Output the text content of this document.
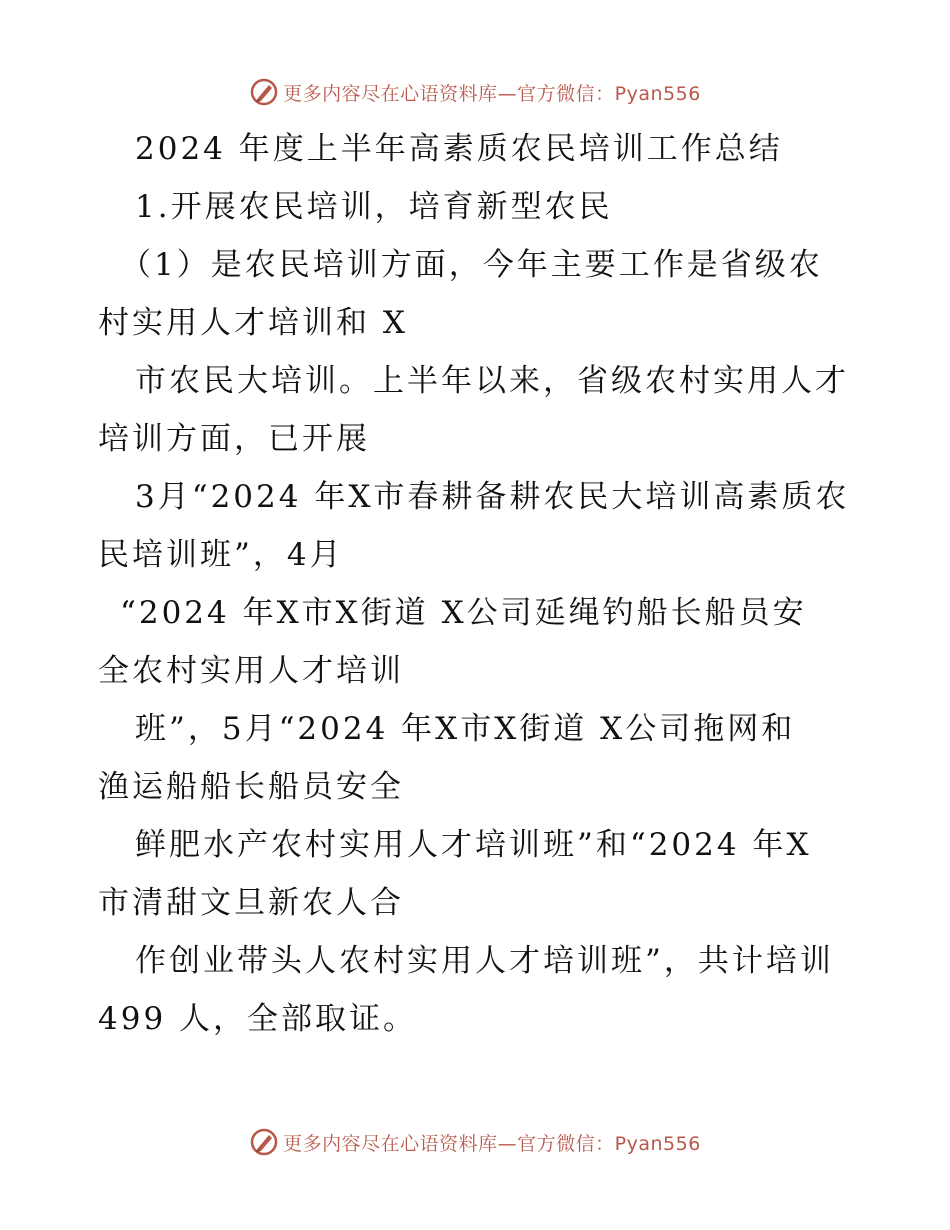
更多内容尽在心语资料库—官方微信：Pyan556
2024 年度上半年高素质农民培训工作总结
1.开展农民培训，培育新型农民
（1）是农民培训方面，今年主要工作是省级农
村实用人才培训和 X
市农民大培训。上半年以来，省级农村实用人才
培训方面，已开展
3月“2024 年X市春耕备耕农民大培训高素质农
民培训班”，4月
“2024 年X市X街道 X公司延绳钓船长船员安
全农村实用人才培训
班”，5月“2024 年X市X街道 X公司拖网和
渔运船船长船员安全
鲜肥水产农村实用人才培训班”和“2024 年X
市清甜文旦新农人合
作创业带头人农村实用人才培训班”，共计培训
499 人，全部取证。
更多内容尽在心语资料库—官方微信：Pyan556
